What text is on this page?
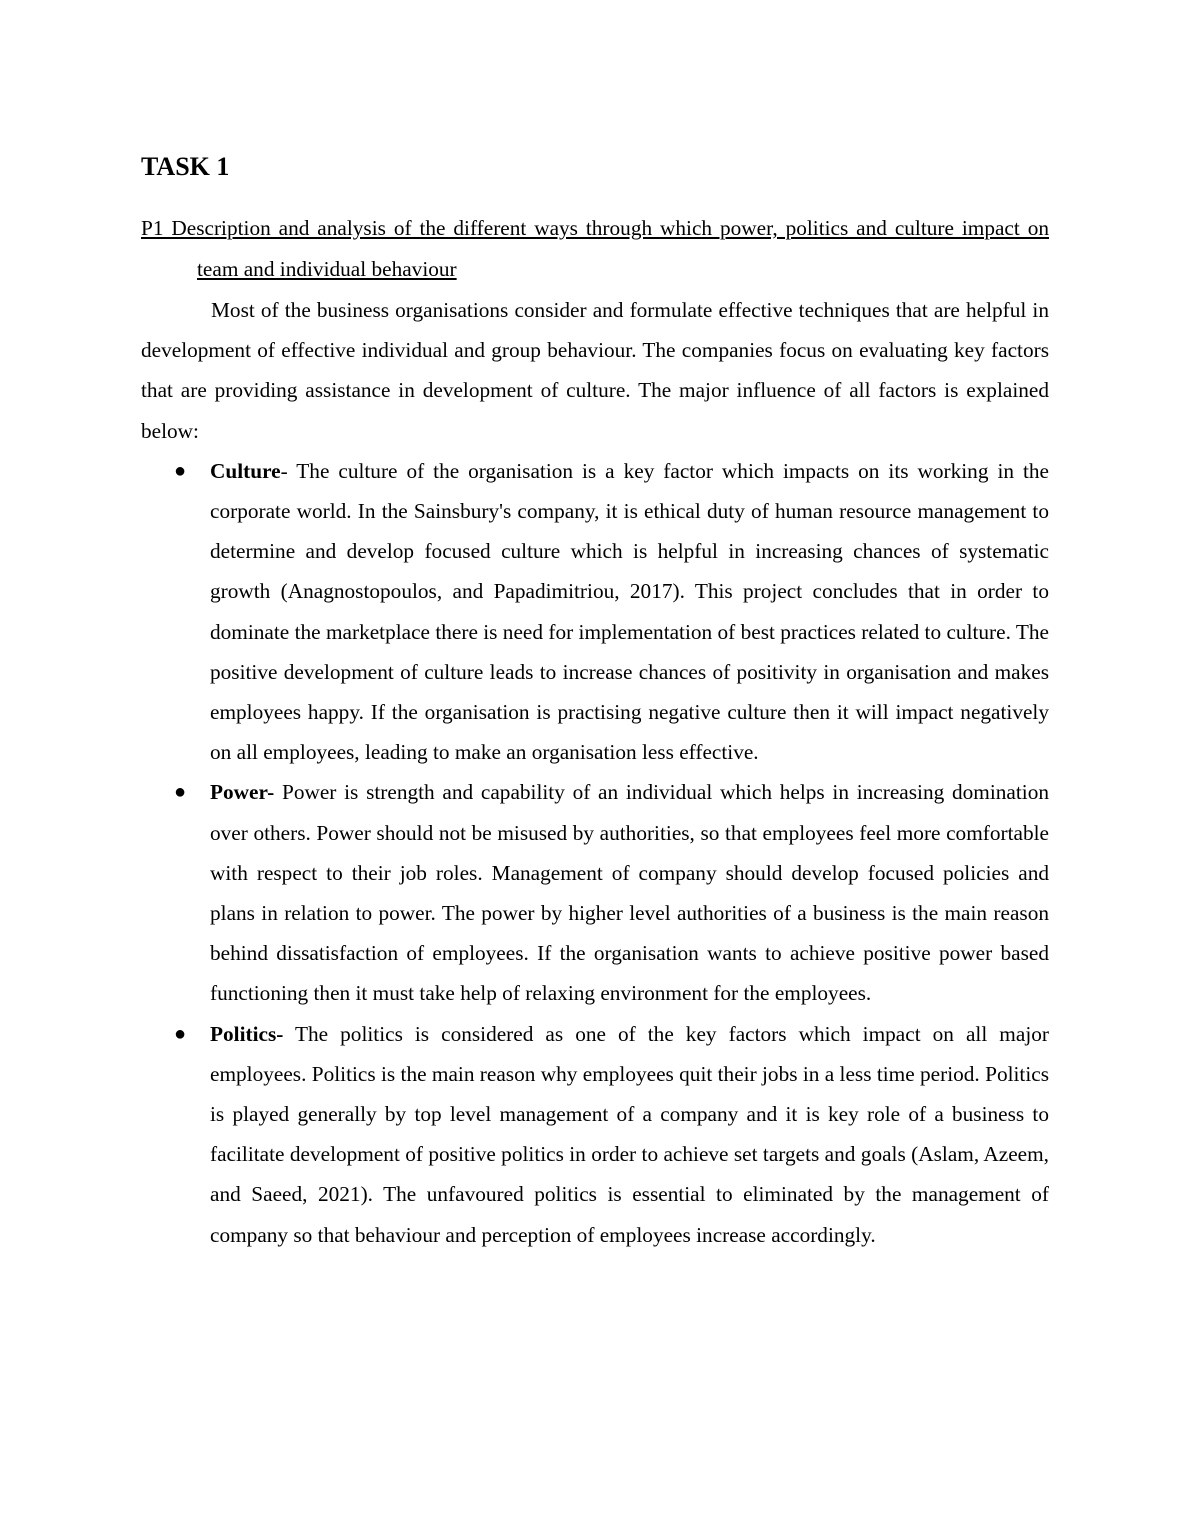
TASK 1

P1 Description and analysis of the different ways through which power, politics and culture impact on team and individual behaviour

Most of the business organisations consider and formulate effective techniques that are helpful in development of effective individual and group behaviour. The companies focus on evaluating key factors that are providing assistance in development of culture. The major influence of all factors is explained below:

● Culture- The culture of the organisation is a key factor which impacts on its working in the corporate world. In the Sainsbury's company, it is ethical duty of human resource management to determine and develop focused culture which is helpful in increasing chances of systematic growth (Anagnostopoulos, and Papadimitriou, 2017). This project concludes that in order to dominate the marketplace there is need for implementation of best practices related to culture. The positive development of culture leads to increase chances of positivity in organisation and makes employees happy. If the organisation is practising negative culture then it will impact negatively on all employees, leading to make an organisation less effective.
● Power- Power is strength and capability of an individual which helps in increasing domination over others. Power should not be misused by authorities, so that employees feel more comfortable with respect to their job roles. Management of company should develop focused policies and plans in relation to power. The power by higher level authorities of a business is the main reason behind dissatisfaction of employees. If the organisation wants to achieve positive power based functioning then it must take help of relaxing environment for the employees.
● Politics- The politics is considered as one of the key factors which impact on all major employees. Politics is the main reason why employees quit their jobs in a less time period. Politics is played generally by top level management of a company and it is key role of a business to facilitate development of positive politics in order to achieve set targets and goals (Aslam, Azeem, and Saeed, 2021). The unfavoured politics is essential to eliminated by the management of company so that behaviour and perception of employees increase accordingly.
